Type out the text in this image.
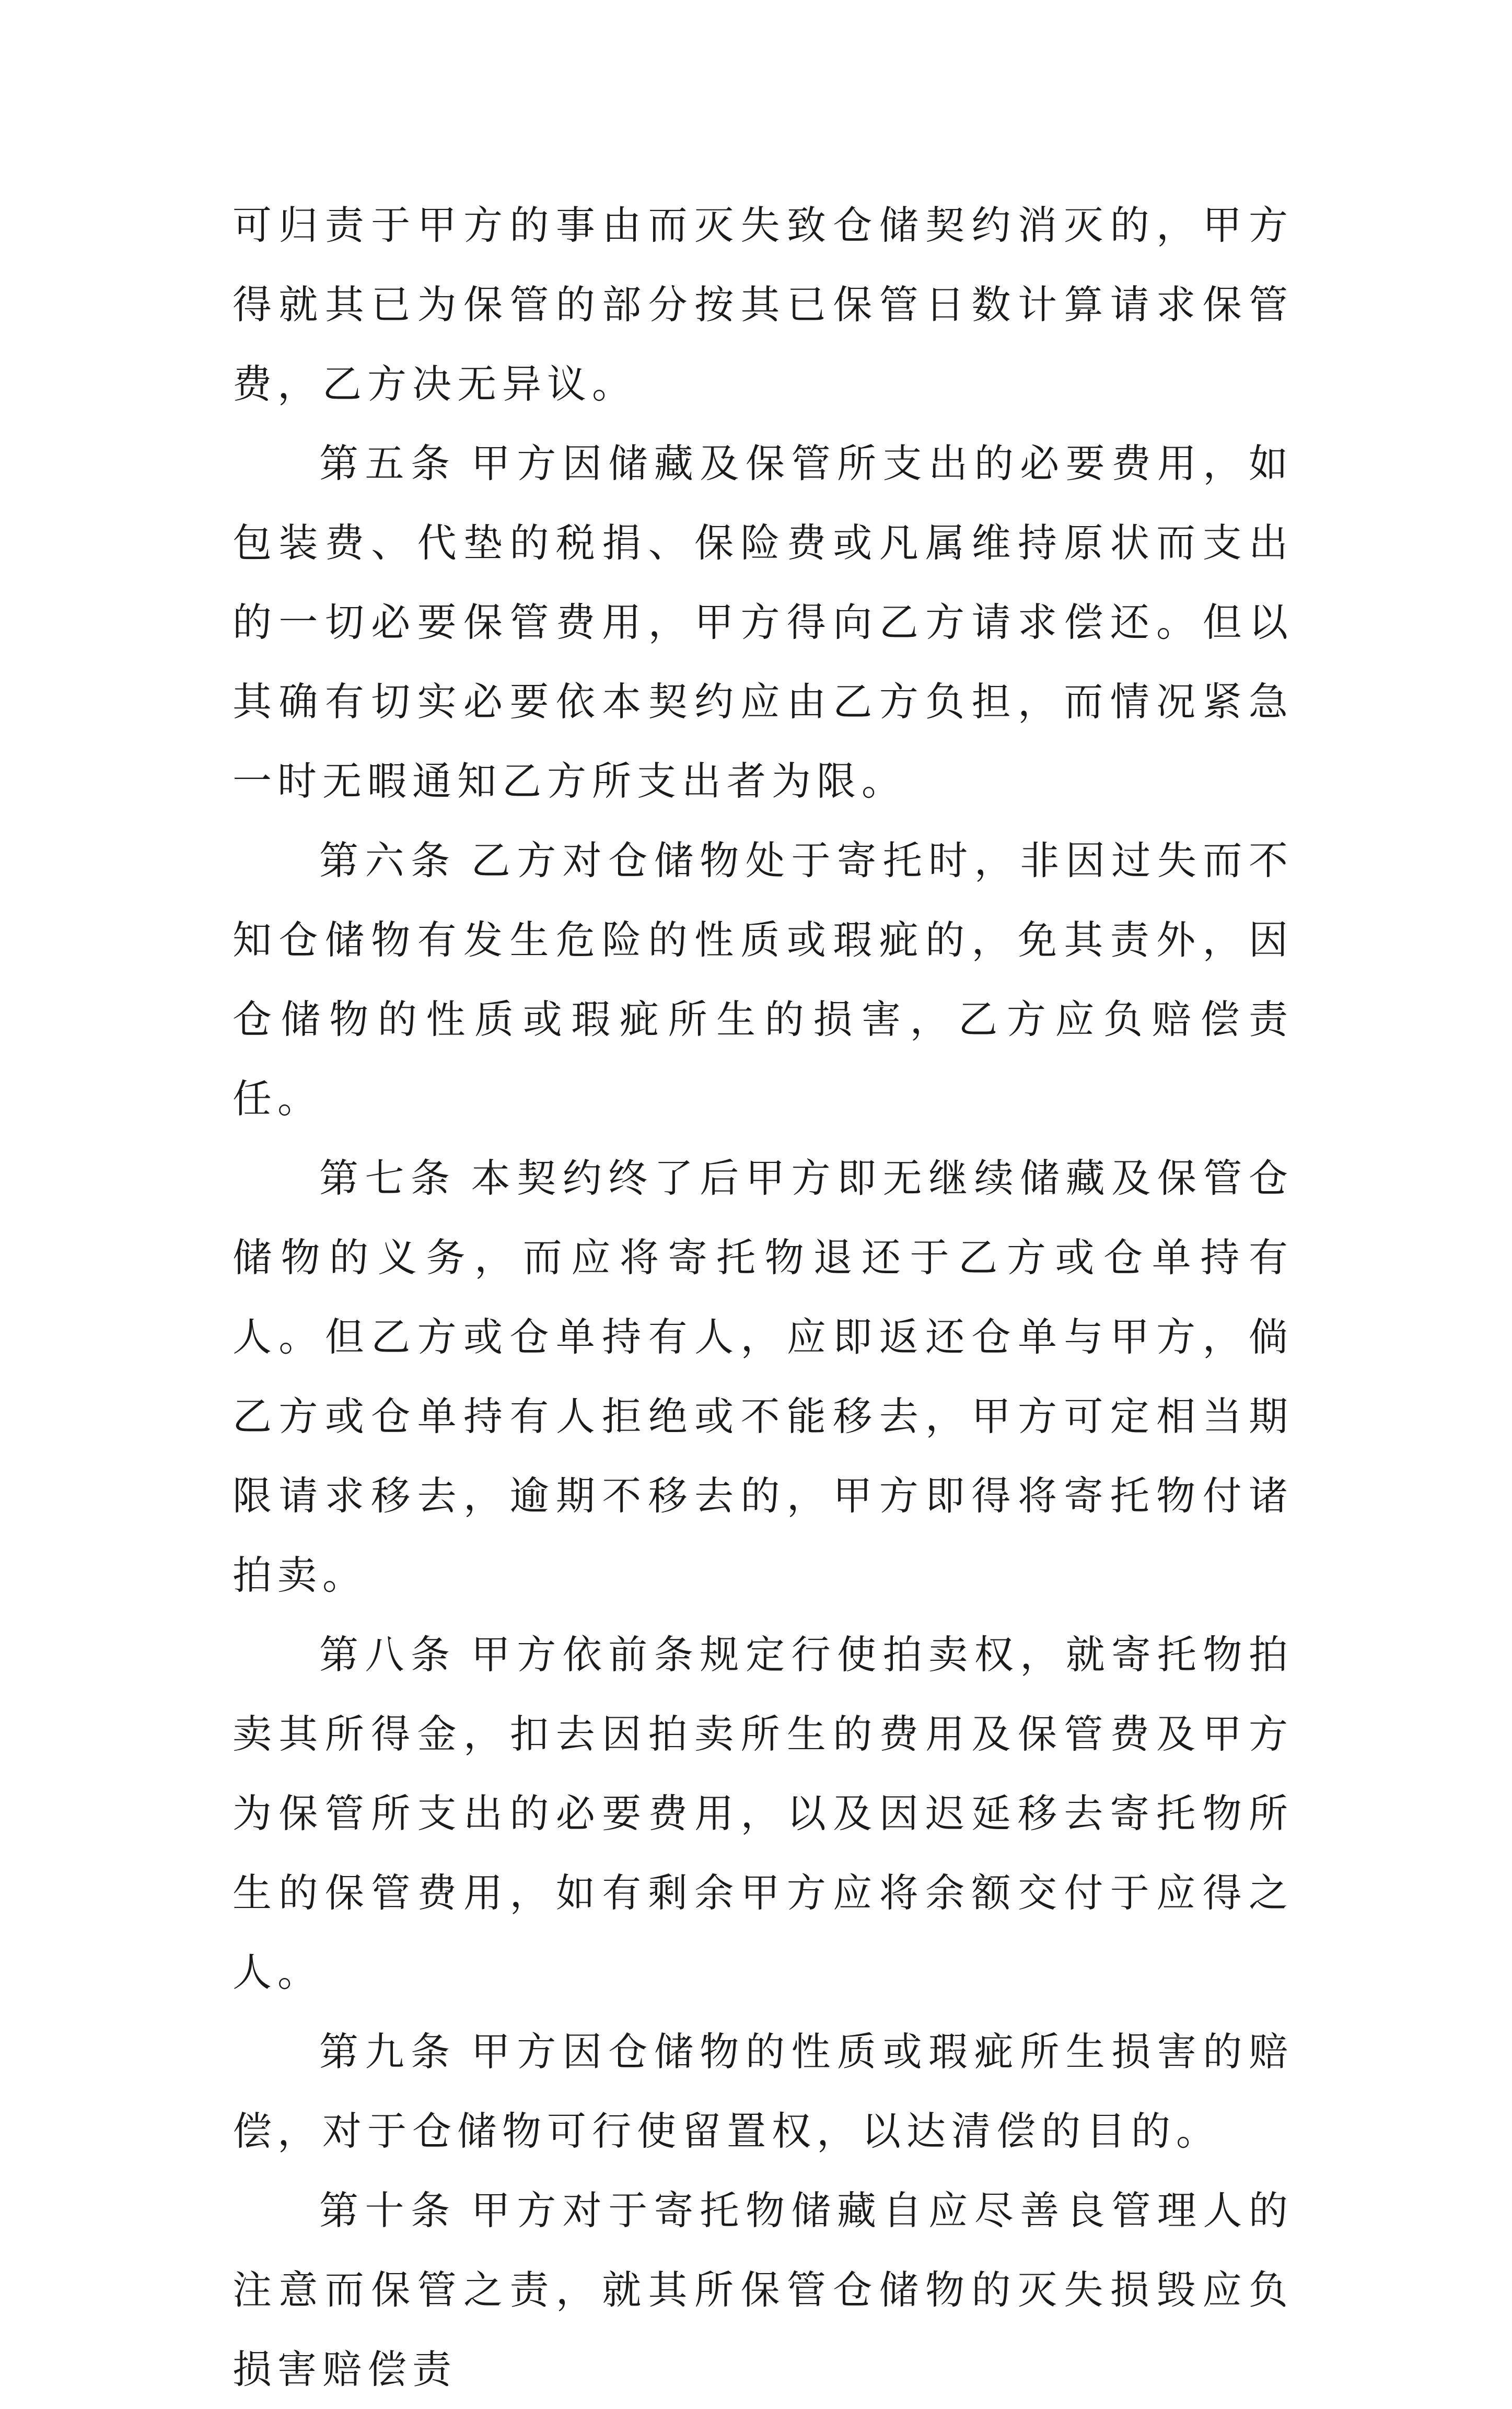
可归责于甲方的事由而灭失致仓储契约消灭的，甲方得就其已为保管的部分按其已保管日数计算请求保管费，乙方决无异议。

第五条 甲方因储藏及保管所支出的必要费用，如包装费、代垫的税捐、保险费或凡属维持原状而支出的一切必要保管费用，甲方得向乙方请求偿还。但以其确有切实必要依本契约应由乙方负担，而情况紧急一时无暇通知乙方所支出者为限。

第六条 乙方对仓储物处于寄托时，非因过失而不知仓储物有发生危险的性质或瑕疵的，免其责外，因仓储物的性质或瑕疵所生的损害，乙方应负赔偿责任。

第七条 本契约终了后甲方即无继续储藏及保管仓储物的义务，而应将寄托物退还于乙方或仓单持有人。但乙方或仓单持有人，应即返还仓单与甲方，倘乙方或仓单持有人拒绝或不能移去，甲方可定相当期限请求移去，逾期不移去的，甲方即得将寄托物付诸拍卖。

第八条 甲方依前条规定行使拍卖权，就寄托物拍卖其所得金，扣去因拍卖所生的费用及保管费及甲方为保管所支出的必要费用，以及因迟延移去寄托物所生的保管费用，如有剩余甲方应将余额交付于应得之人。

第九条 甲方因仓储物的性质或瑕疵所生损害的赔偿，对于仓储物可行使留置权，以达清偿的目的。

第十条 甲方对于寄托物储藏自应尽善良管理人的注意而保管之责，就其所保管仓储物的灭失损毁应负损害赔偿责
